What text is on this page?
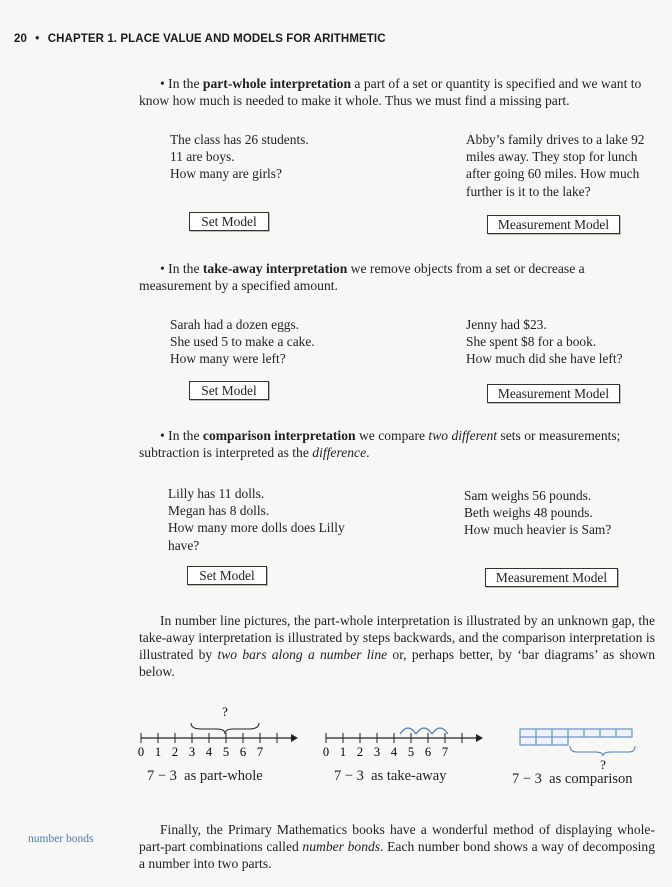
20 • CHAPTER 1. PLACE VALUE AND MODELS FOR ARITHMETIC
• In the part-whole interpretation a part of a set or quantity is specified and we want to know how much is needed to make it whole. Thus we must find a missing part.
The class has 26 students.
11 are boys.
How many are girls?
Abby’s family drives to a lake 92
miles away. They stop for lunch
after going 60 miles. How much
further is it to the lake?
Set Model	Measurement Model
• In the take-away interpretation we remove objects from a set or decrease a measurement by a specified amount.
Sarah had a dozen eggs.
She used 5 to make a cake.
How many were left?
Jenny had $23.
She spent $8 for a book.
How much did she have left?
Set Model	Measurement Model
• In the comparison interpretation we compare two different sets or measurements; subtraction is interpreted as the difference.
Lilly has 11 dolls.
Megan has 8 dolls.
How many more dolls does Lilly
have?
Sam weighs 56 pounds.
Beth weighs 48 pounds.
How much heavier is Sam?
Set Model	Measurement Model
In number line pictures, the part-whole interpretation is illustrated by an unknown gap, the take-away interpretation is illustrated by steps backwards, and the comparison interpretation is illustrated by two bars along a number line or, perhaps better, by ‘bar diagrams’ as shown below.
?
0 1 2 3 4 5 6 7
7 − 3  as part-whole
0 1 2 3 4 5 6 7
7 − 3  as take-away
?
7 − 3  as comparison
number bonds
Finally, the Primary Mathematics books have a wonderful method of displaying whole-part-part combinations called number bonds. Each number bond shows a way of decomposing a number into two parts.
